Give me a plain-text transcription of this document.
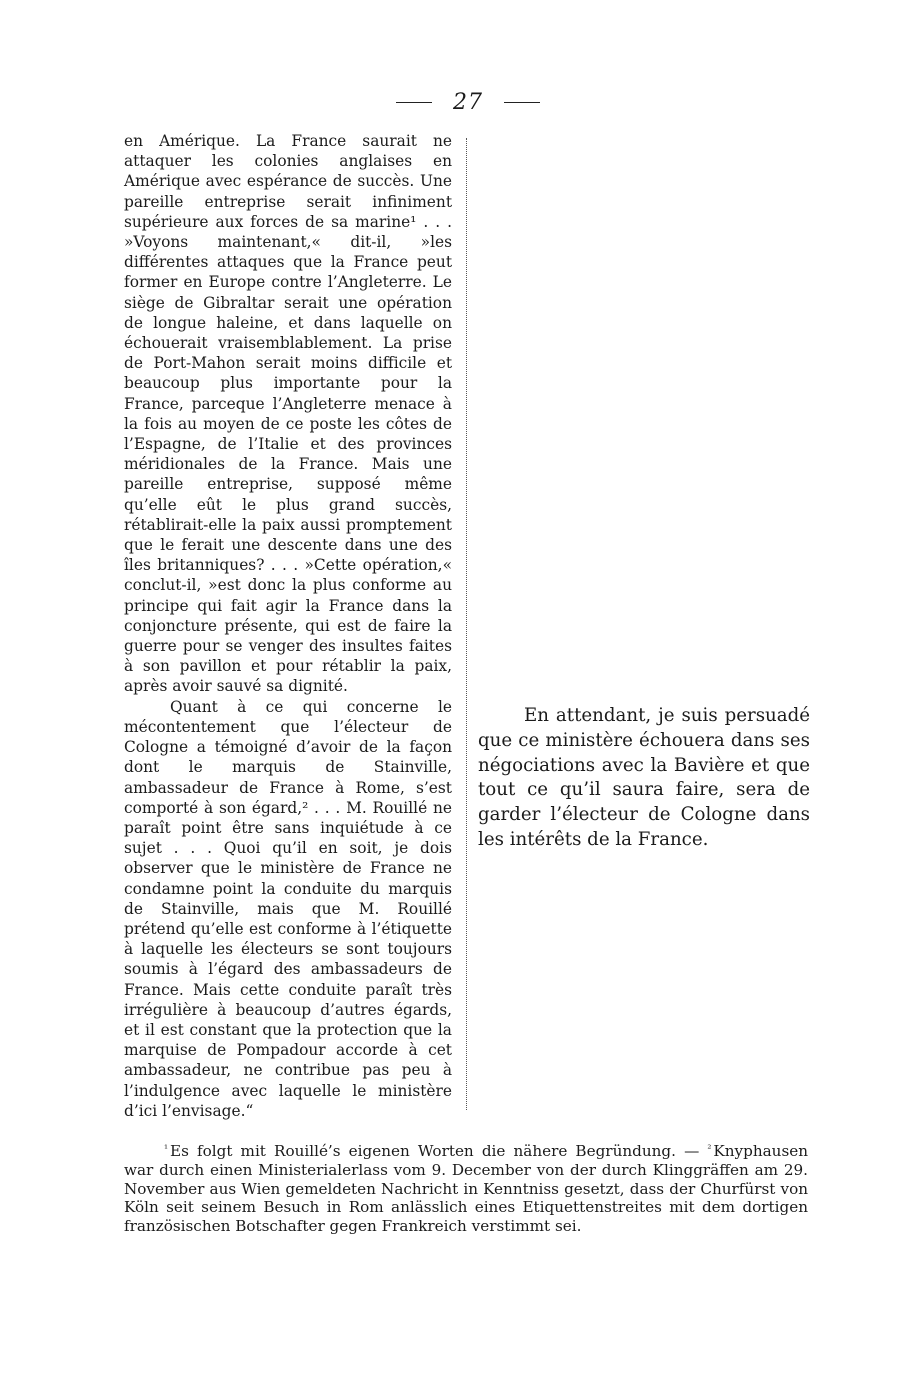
27

en Amérique. La France saurait ne attaquer les colonies anglaises en Amérique avec espérance de succès. Une pareille entreprise serait infiniment supérieure aux forces de sa marine¹ . . . »Voyons maintenant,« dit-il, »les différentes attaques que la France peut former en Europe contre l’Angleterre. Le siège de Gibraltar serait une opération de longue haleine, et dans laquelle on échouerait vraisemblablement. La prise de Port-Mahon serait moins difficile et beaucoup plus importante pour la France, parceque l’Angleterre menace à la fois au moyen de ce poste les côtes de l’Espagne, de l’Italie et des provinces méridionales de la France. Mais une pareille entreprise, supposé même qu’elle eût le plus grand succès, rétablirait-elle la paix aussi promptement que le ferait une descente dans une des îles britanniques? . . . »Cette opération,« conclut-il, »est donc la plus conforme au principe qui fait agir la France dans la conjoncture présente, qui est de faire la guerre pour se venger des insultes faites à son pavillon et pour rétablir la paix, après avoir sauvé sa dignité.

Quant à ce qui concerne le mécontentement que l’électeur de Cologne a témoigné d’avoir de la façon dont le marquis de Stainville, ambassadeur de France à Rome, s’est comporté à son égard,² . . . M. Rouillé ne paraît point être sans inquiétude à ce sujet . . . Quoi qu’il en soit, je dois observer que le ministère de France ne condamne point la conduite du marquis de Stainville, mais que M. Rouillé prétend qu’elle est conforme à l’étiquette à laquelle les électeurs se sont toujours soumis à l’égard des ambassadeurs de France. Mais cette conduite paraît très irrégulière à beaucoup d’autres égards, et il est constant que la protection que la marquise de Pompadour accorde à cet ambassadeur, ne contribue pas peu à l’indulgence avec laquelle le ministère d’ici l’envisage.“

En attendant, je suis persuadé que ce ministère échouera dans ses négociations avec la Bavière et que tout ce qu’il saura faire, sera de garder l’électeur de Cologne dans les intérêts de la France.

$^{^1}$ Es folgt mit Rouillé’s eigenen Worten die nähere Begründung. — $^{^2}$ Knyphausen war durch einen Ministerialerlass vom 9. December von der durch Klinggräffen am 29. November aus Wien gemeldeten Nachricht in Kenntniss gesetzt, dass der Churfürst von Köln seit seinem Besuch in Rom anlässlich eines Etiquettenstreites mit dem dortigen französischen Botschafter gegen Frankreich verstimmt sei.
